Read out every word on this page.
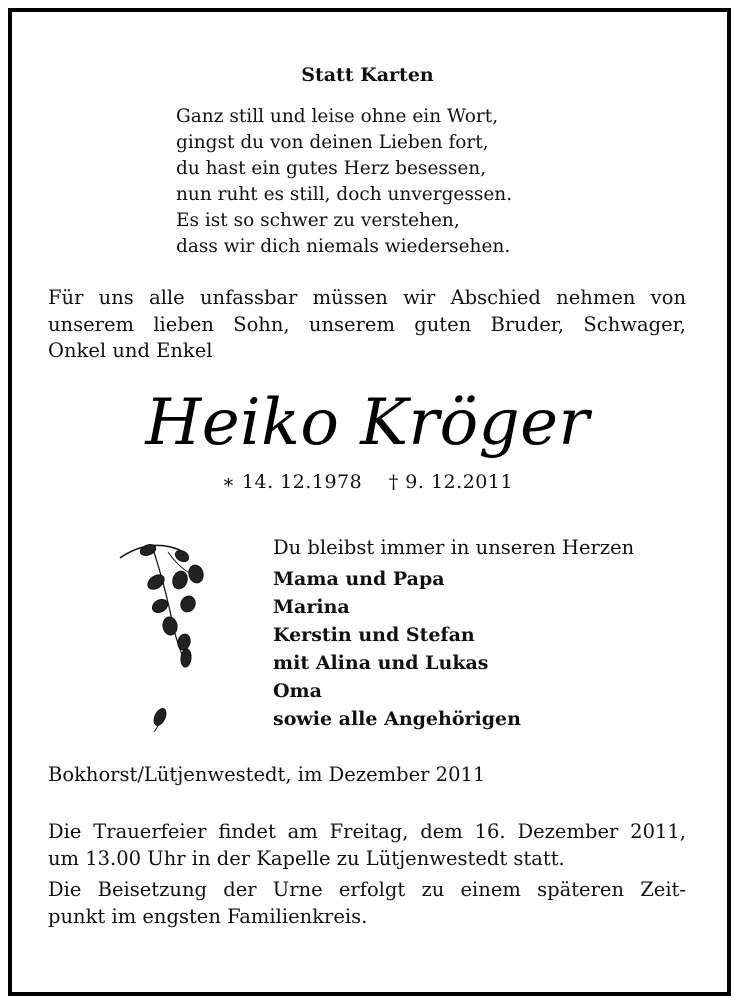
Statt Karten
Ganz still und leise ohne ein Wort,
gingst du von deinen Lieben fort,
du hast ein gutes Herz besessen,
nun ruht es still, doch unvergessen.
Es ist so schwer zu verstehen,
dass wir dich niemals wiedersehen.
Für uns alle unfassbar müssen wir Abschied nehmen von
unserem lieben Sohn, unserem guten Bruder, Schwager,
Onkel und Enkel
Heiko Kröger
∗ 14. 12.1978 † 9. 12.2011
Du bleibst immer in unseren Herzen
Mama und Papa
Marina
Kerstin und Stefan
mit Alina und Lukas
Oma
sowie alle Angehörigen
Bokhorst/Lütjenwestedt, im Dezember 2011
Die Trauerfeier findet am Freitag, dem 16. Dezember 2011,
um 13.00 Uhr in der Kapelle zu Lütjenwestedt statt.
Die Beisetzung der Urne erfolgt zu einem späteren Zeit-
punkt im engsten Familienkreis.
